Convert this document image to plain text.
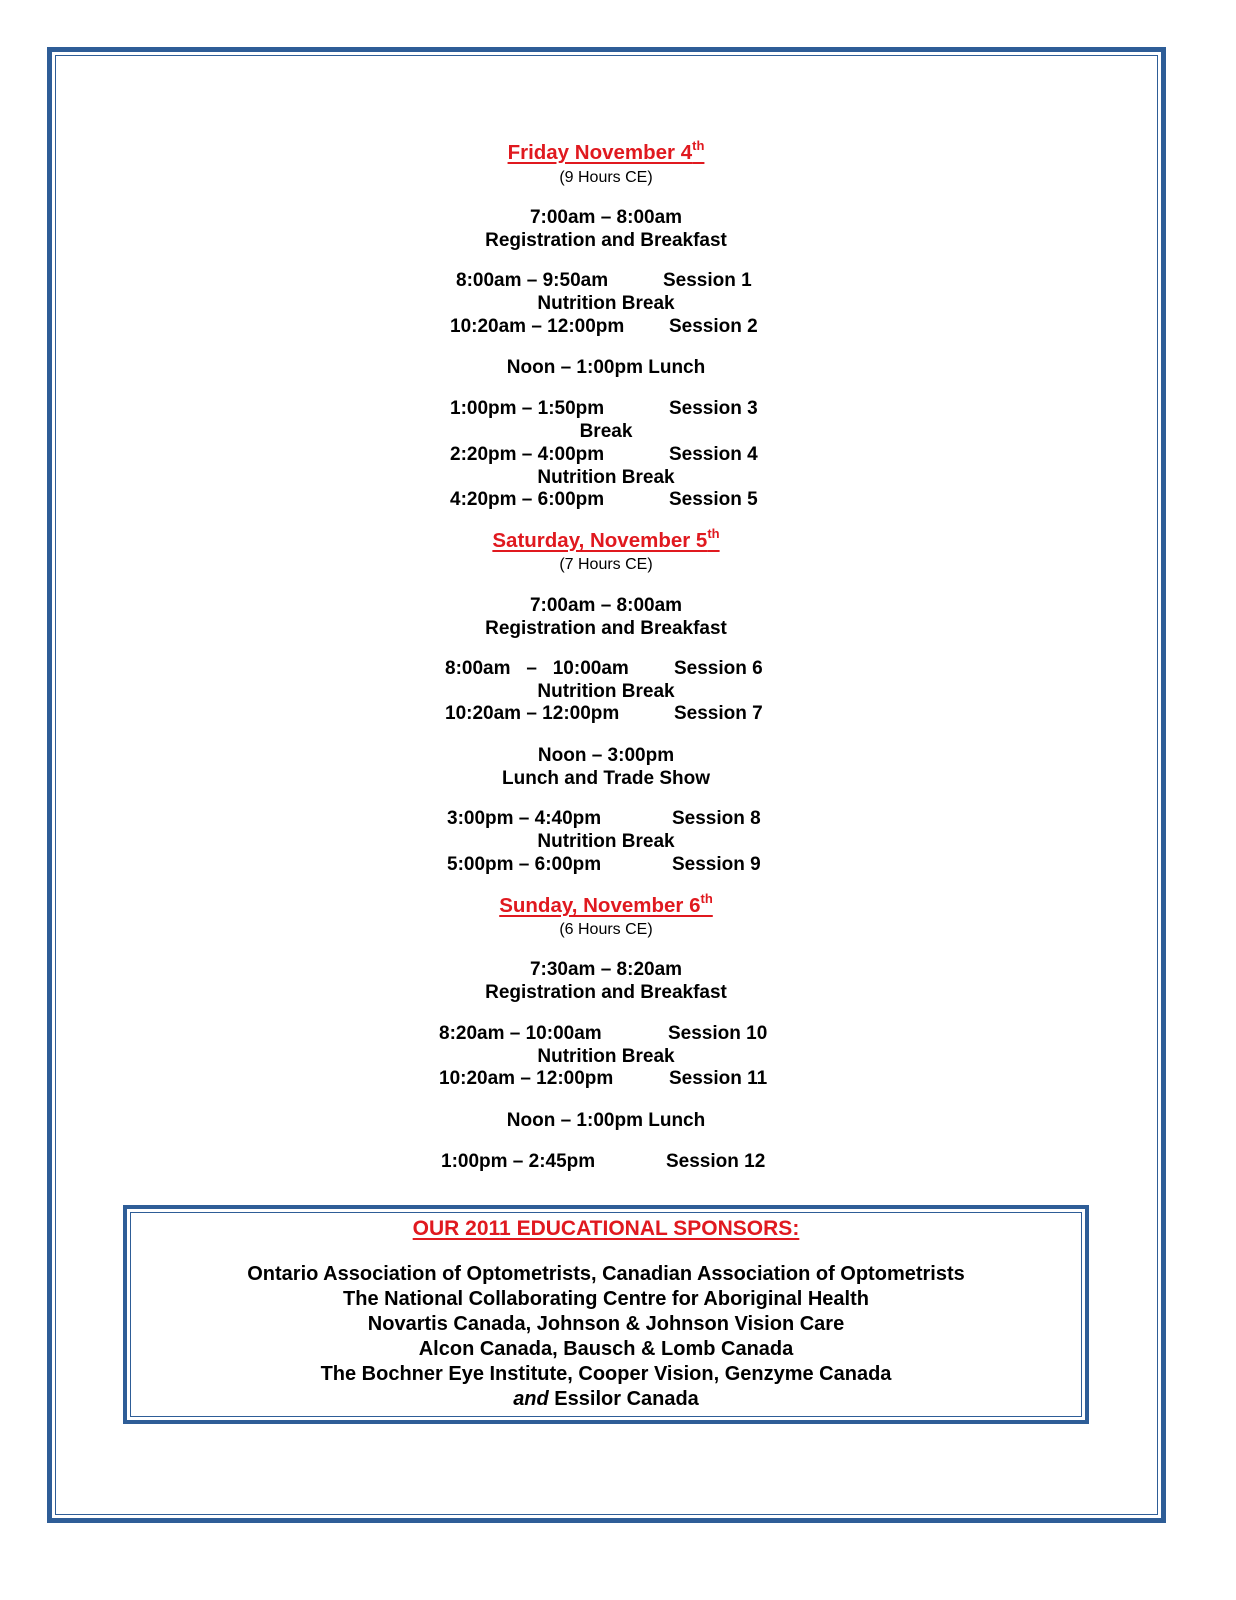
Friday November 4th
(9 Hours CE)
7:00am – 8:00am
Registration and Breakfast
8:00am – 9:50am	Session 1
Nutrition Break
10:20am – 12:00pm Session 2
Noon – 1:00pm Lunch
1:00pm – 1:50pm	Session 3
Break
2:20pm – 4:00pm	Session 4
Nutrition Break
4:20pm – 6:00pm	Session 5
Saturday, November 5th
(7 Hours CE)
7:00am – 8:00am
Registration and Breakfast
8:00am   –   10:00am Session 6
Nutrition Break
10:20am – 12:00pm	Session 7
Noon – 3:00pm
Lunch and Trade Show
3:00pm – 4:40pm	Session 8
Nutrition Break
5:00pm – 6:00pm	Session 9
Sunday, November 6th
(6 Hours CE)
7:30am – 8:20am
Registration and Breakfast
8:20am – 10:00am	Session 10
Nutrition Break
10:20am – 12:00pm	Session 11
Noon – 1:00pm Lunch
1:00pm – 2:45pm	Session 12
OUR 2011 EDUCATIONAL SPONSORS:
Ontario Association of Optometrists, Canadian Association of Optometrists
The National Collaborating Centre for Aboriginal Health
Novartis Canada, Johnson & Johnson Vision Care
Alcon Canada, Bausch & Lomb Canada
The Bochner Eye Institute, Cooper Vision, Genzyme Canada
and Essilor Canada
